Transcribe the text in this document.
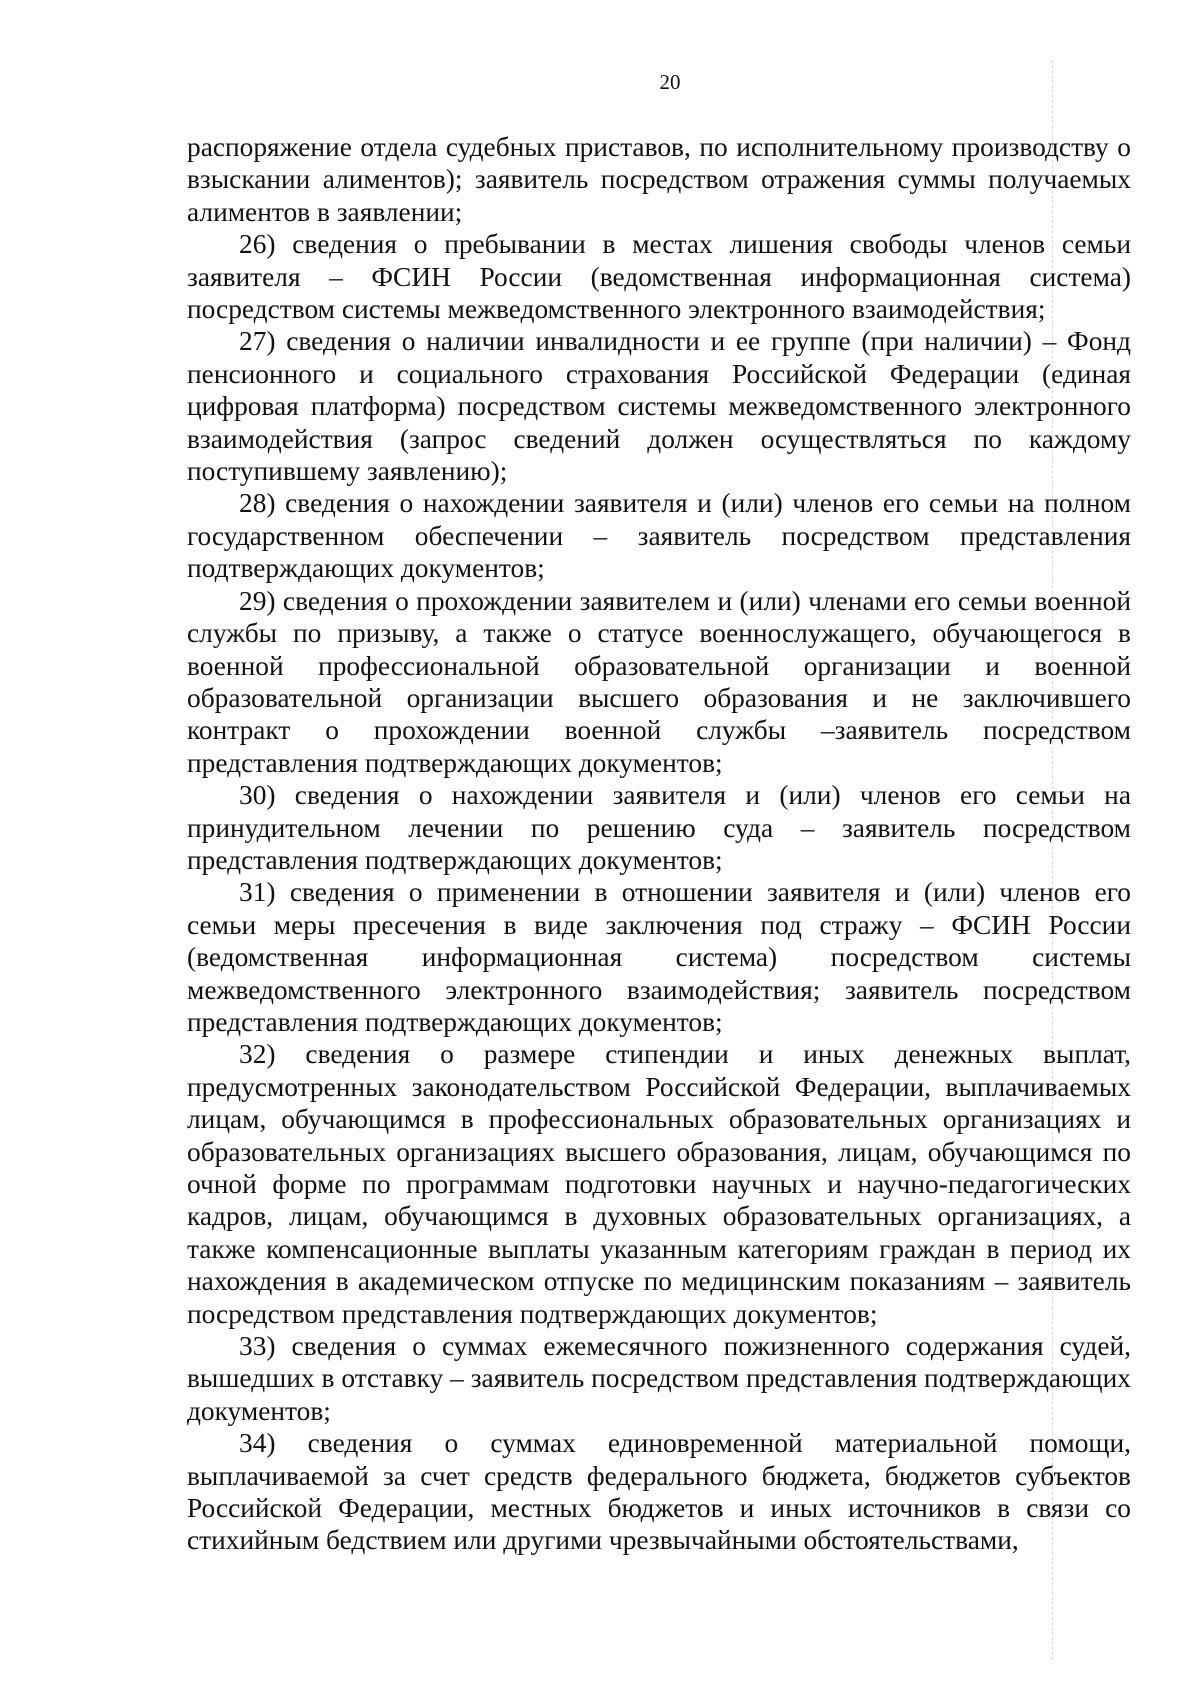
20

распоряжение отдела судебных приставов, по исполнительному производству о взыскании алиментов); заявитель посредством отражения суммы получаемых алиментов в заявлении;

26) сведения о пребывании в местах лишения свободы членов семьи заявителя – ФСИН России (ведомственная информационная система) посредством системы межведомственного электронного взаимодействия;

27) сведения о наличии инвалидности и ее группе (при наличии) – Фонд пенсионного и социального страхования Российской Федерации (единая цифровая платформа) посредством системы межведомственного электронного взаимодействия (запрос сведений должен осуществляться по каждому поступившему заявлению);

28) сведения о нахождении заявителя и (или) членов его семьи на полном государственном обеспечении – заявитель посредством представления подтверждающих документов;

29) сведения о прохождении заявителем и (или) членами его семьи военной службы по призыву, а также о статусе военнослужащего, обучающегося в военной профессиональной образовательной организации и военной образовательной организации высшего образования и не заключившего контракт о прохождении военной службы –заявитель посредством представления подтверждающих документов;

30) сведения о нахождении заявителя и (или) членов его семьи на принудительном лечении по решению суда – заявитель посредством представления подтверждающих документов;

31) сведения о применении в отношении заявителя и (или) членов его семьи меры пресечения в виде заключения под стражу – ФСИН России (ведомственная информационная система) посредством системы межведомственного электронного взаимодействия; заявитель посредством представления подтверждающих документов;

32) сведения о размере стипендии и иных денежных выплат, предусмотренных законодательством Российской Федерации, выплачиваемых лицам, обучающимся в профессиональных образовательных организациях и образовательных организациях высшего образования, лицам, обучающимся по очной форме по программам подготовки научных и научно-педагогических кадров, лицам, обучающимся в духовных образовательных организациях, а также компенсационные выплаты указанным категориям граждан в период их нахождения в академическом отпуске по медицинским показаниям – заявитель посредством представления подтверждающих документов;

33) сведения о суммах ежемесячного пожизненного содержания судей, вышедших в отставку – заявитель посредством представления подтверждающих документов;

34) сведения о суммах единовременной материальной помощи, выплачиваемой за счет средств федерального бюджета, бюджетов субъектов Российской Федерации, местных бюджетов и иных источников в связи со стихийным бедствием или другими чрезвычайными обстоятельствами,
